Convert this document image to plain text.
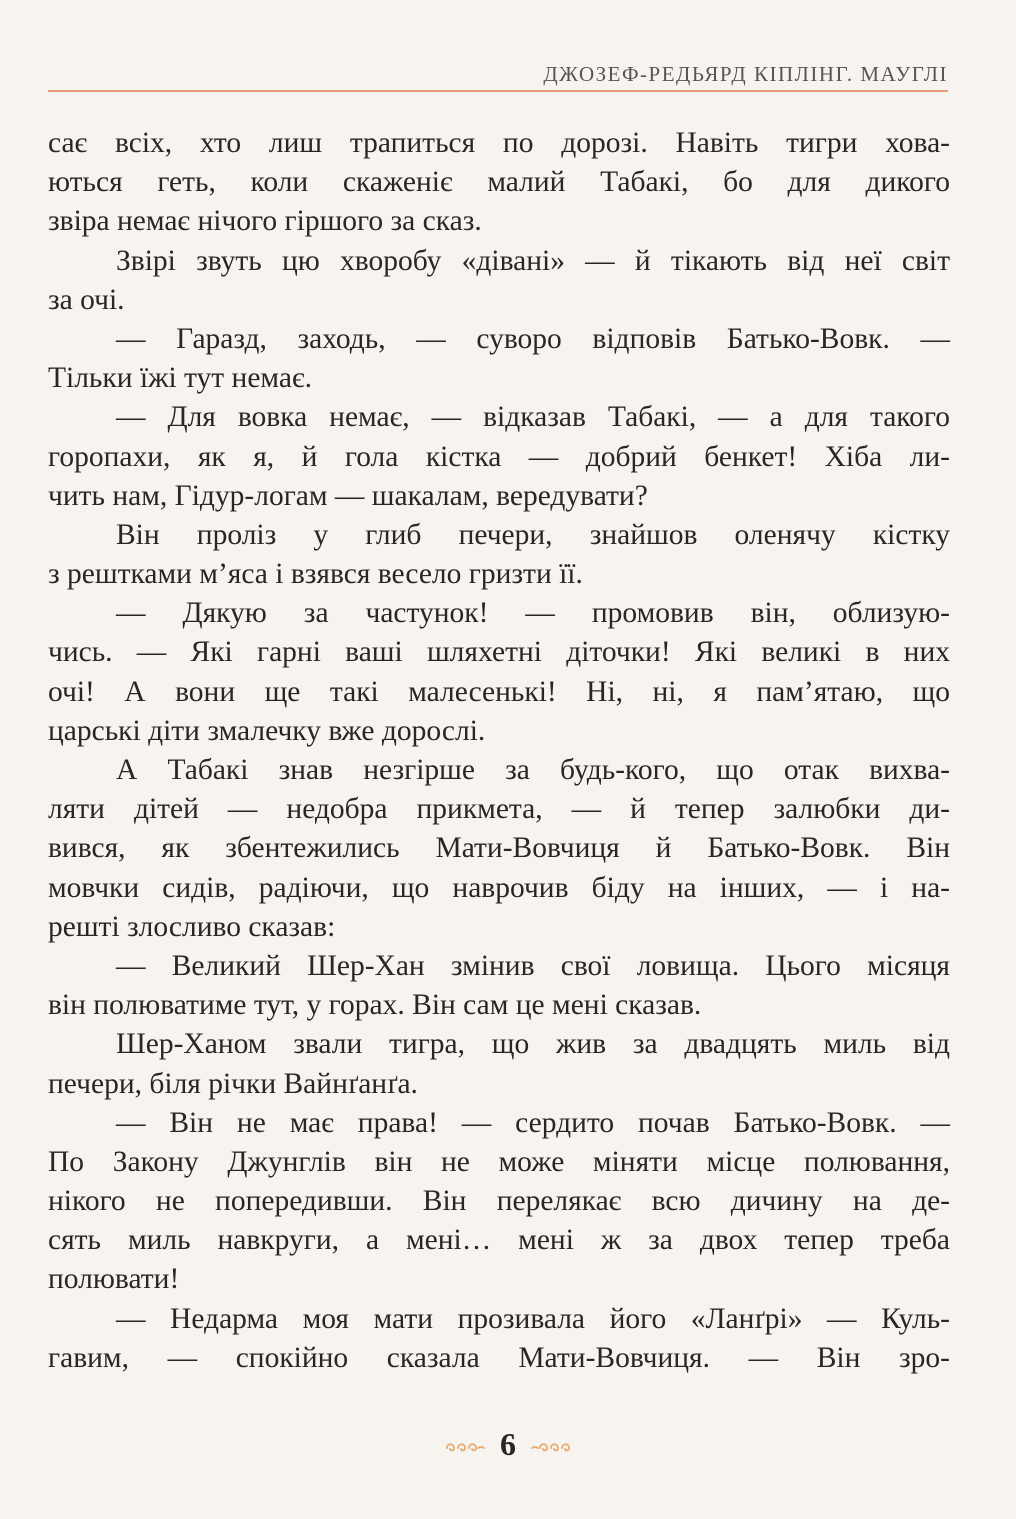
ДЖОЗЕФ-РЕДЬЯРД КІПЛІНГ. МАУГЛІ
сає всіх, хто лиш трапиться по дорозі. Навіть тигри хова-
ються геть, коли скаженіє малий Табакі, бо для дикого
звіра немає нічого гіршого за сказ.
Звірі звуть цю хворобу «дівані» — й тікають від неї світ
за очі.
— Гаразд, заходь, — суворо відповів Батько-Вовк. —
Тільки їжі тут немає.
— Для вовка немає, — відказав Табакі, — а для такого
горопахи, як я, й гола кістка — добрий бенкет! Хіба ли-
чить нам, Гідур-логам — шакалам, вередувати?
Він проліз у глиб печери, знайшов оленячу кістку
з рештками м’яса і взявся весело гризти її.
— Дякую за частунок! — промовив він, облизую-
чись. — Які гарні ваші шляхетні діточки! Які великі в них
очі! А вони ще такі малесенькі! Ні, ні, я пам’ятаю, що
царські діти змалечку вже дорослі.
А Табакі знав незгірше за будь-кого, що отак вихва-
ляти дітей — недобра прикмета, — й тепер залюбки ди-
вився, як збентежились Мати-Вовчиця й Батько-Вовк. Він
мовчки сидів, радіючи, що наврочив біду на інших, — і на-
решті злосливо сказав:
— Великий Шер-Хан змінив свої ловища. Цього місяця
він полюватиме тут, у горах. Він сам це мені сказав.
Шер-Ханом звали тигра, що жив за двадцять миль від
печери, біля річки Вайнґанґа.
— Він не має права! — сердито почав Батько-Вовк. —
По Закону Джунглів він не може міняти місце полювання,
нікого не попередивши. Він перелякає всю дичину на де-
сять миль навкруги, а мені… мені ж за двох тепер треба
полювати!
— Недарма моя мати прозивала його «Ланґрі» — Куль-
гавим, — спокійно сказала Мати-Вовчиця. — Він зро-
6
